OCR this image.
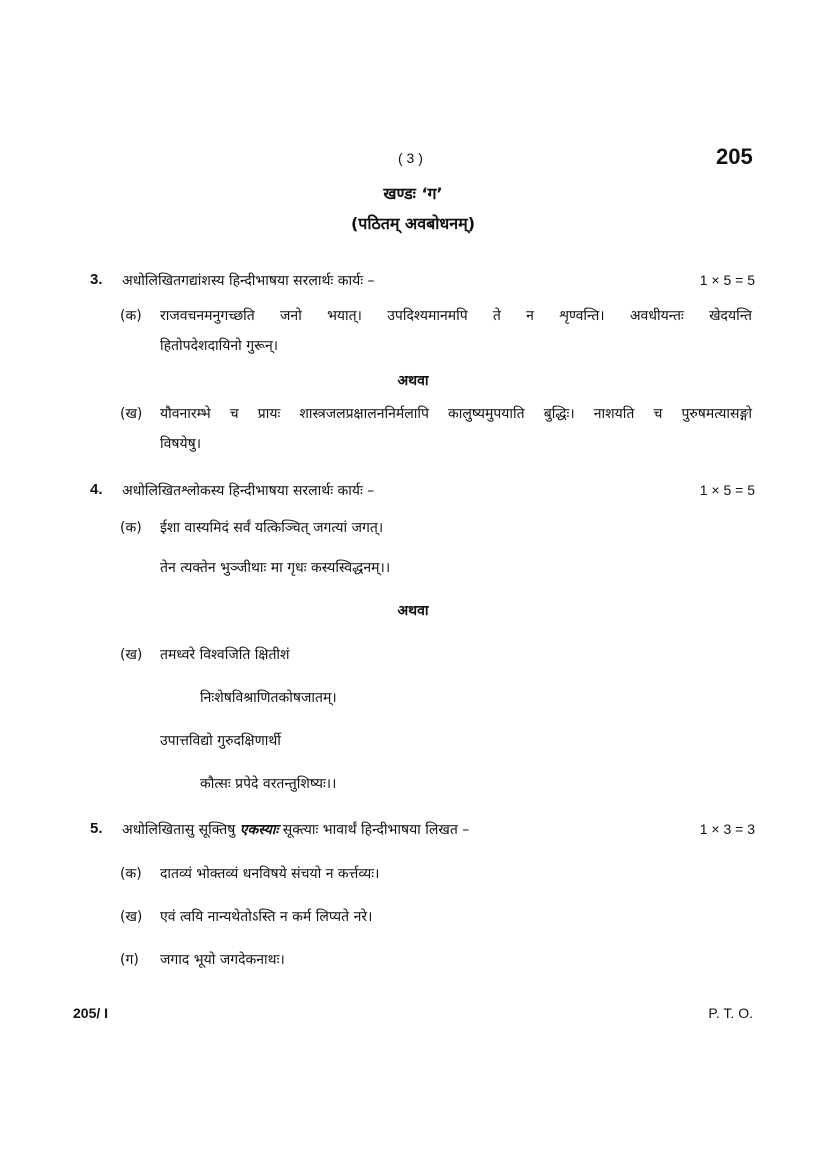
( 3 )	205
खण्डः ‘ग’
(पठितम् अवबोधनम्)
3. अधोलिखितगद्यांशस्य हिन्दीभाषया सरलार्थः कार्यः –	1 × 5 = 5
(क) राजवचनमनुगच्छति जनो भयात्। उपदिश्यमानमपि ते न शृण्वन्ति। अवधीयन्तः खेदयन्ति
हितोपदेशदायिनो गुरून्।
अथवा
(ख) यौवनारम्भे च प्रायः शास्त्रजलप्रक्षालननिर्मलापि कालुष्यमुपयाति बुद्धिः। नाशयति च पुरुषमत्यासङ्गो
विषयेषु।
4. अधोलिखितश्लोकस्य हिन्दीभाषया सरलार्थः कार्यः –	1 × 5 = 5
(क) ईशा वास्यमिदं सर्वं यत्किञ्चित् जगत्यां जगत्।
तेन त्यक्तेन भुञ्जीथाः मा गृधः कस्यस्विद्धनम्।।
अथवा
(ख) तमध्वरे विश्वजिति क्षितीशं
निःशेषविश्राणितकोषजातम्।
उपात्तविद्यो गुरुदक्षिणार्थी
कौत्सः प्रपेदे वरतन्तुशिष्यः।।
5. अधोलिखितासु सूक्तिषु एकस्याः सूक्त्याः भावार्थं हिन्दीभाषया लिखत –	1 × 3 = 3
(क) दातव्यं भोक्तव्यं धनविषये संचयो न कर्त्तव्यः।
(ख) एवं त्वयि नान्यथेतोऽस्ति न कर्म लिप्यते नरे।
(ग) जगाद भूयो जगदेकनाथः।
205/ I	P. T. O.
